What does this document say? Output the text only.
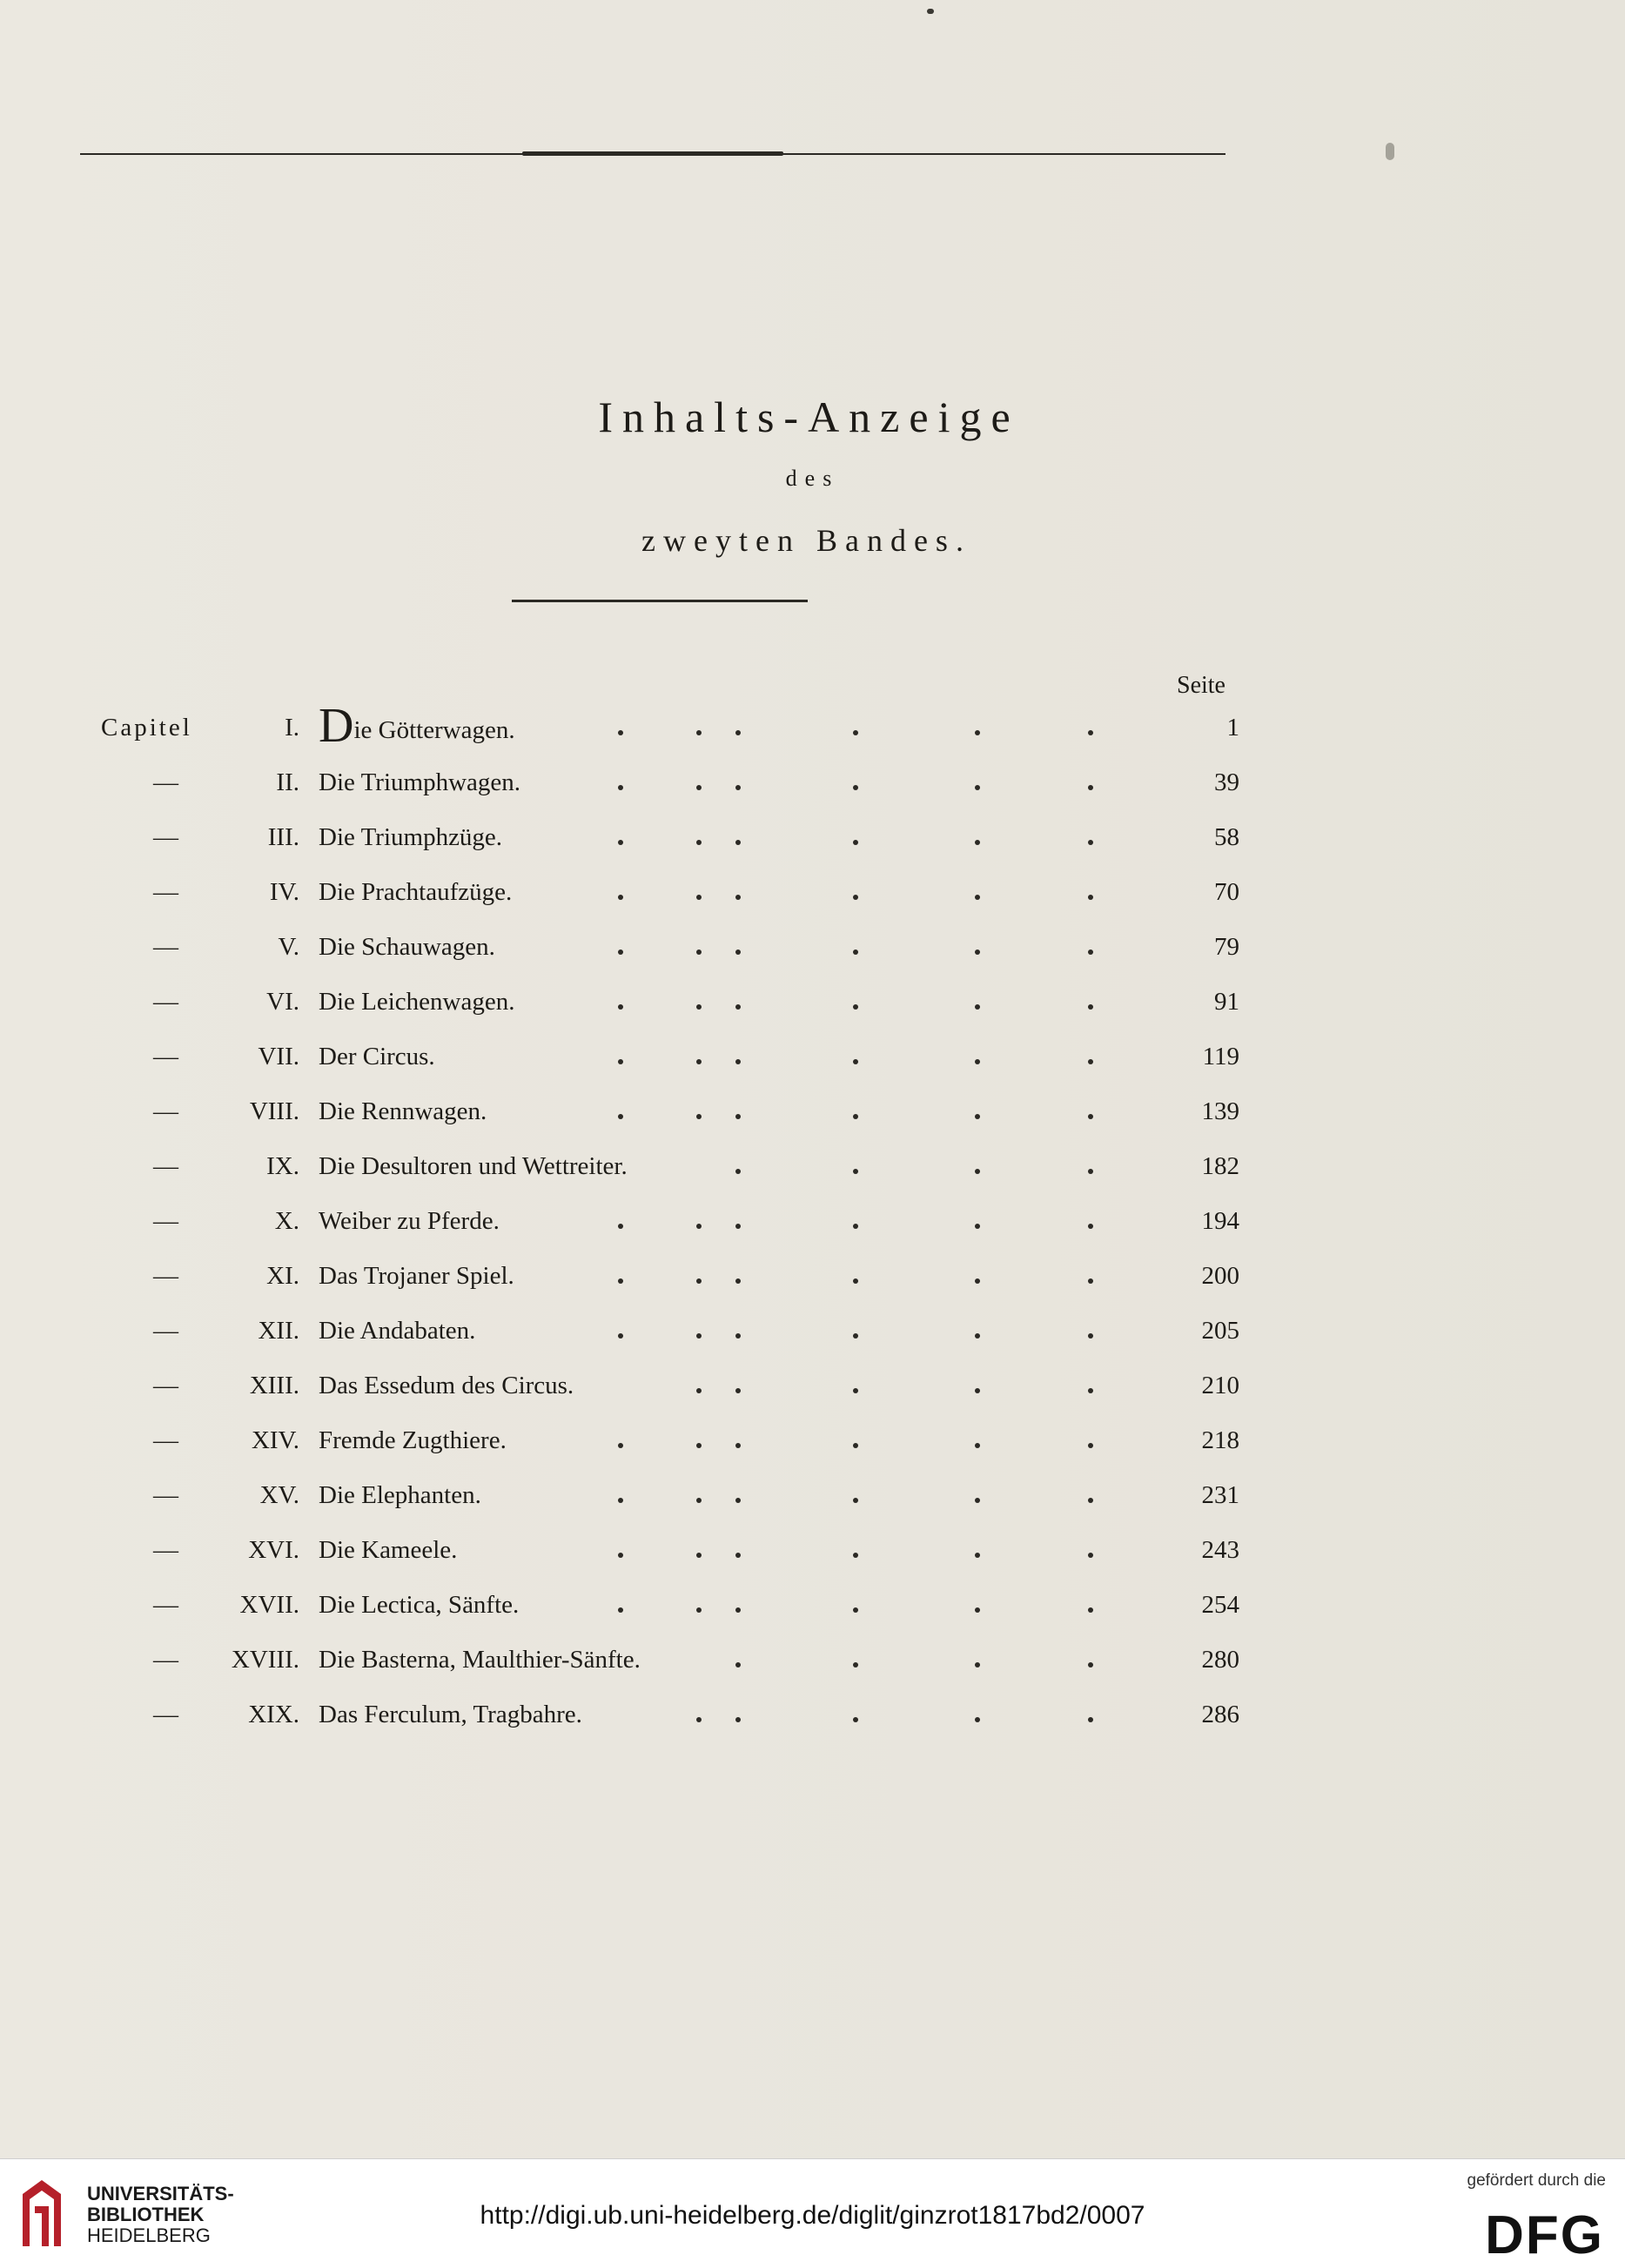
Inhalts-Anzeige
des
zweyten Bandes.
Seite
Capitel	I. Die Götterwagen.	1
—	II. Die Triumphwagen.	39
—	III. Die Triumphzüge.	58
—	IV. Die Prachtaufzüge.	70
—	V. Die Schauwagen.	79
—	VI. Die Leichenwagen.	91
—	VII. Der Circus.	119
—	VIII. Die Rennwagen.	139
—	IX. Die Desultoren und Wettreiter.	182
—	X. Weiber zu Pferde.	194
—	XI. Das Trojaner Spiel.	200
—	XII. Die Andabaten.	205
—	XIII. Das Essedum des Circus.	210
—	XIV. Fremde Zugthiere.	218
—	XV. Die Elephanten.	231
—	XVI. Die Kameele.	243
—	XVII. Die Lectica, Sänfte.	254
—	XVIII. Die Basterna, Maulthier-Sänfte.	280
—	XIX. Das Ferculum, Tragbahre.	286
UNIVERSITÄTS-
BIBLIOTHEK
HEIDELBERG
http://digi.ub.uni-heidelberg.de/diglit/ginzrot1817bd2/0007
gefördert durch die
DFG
